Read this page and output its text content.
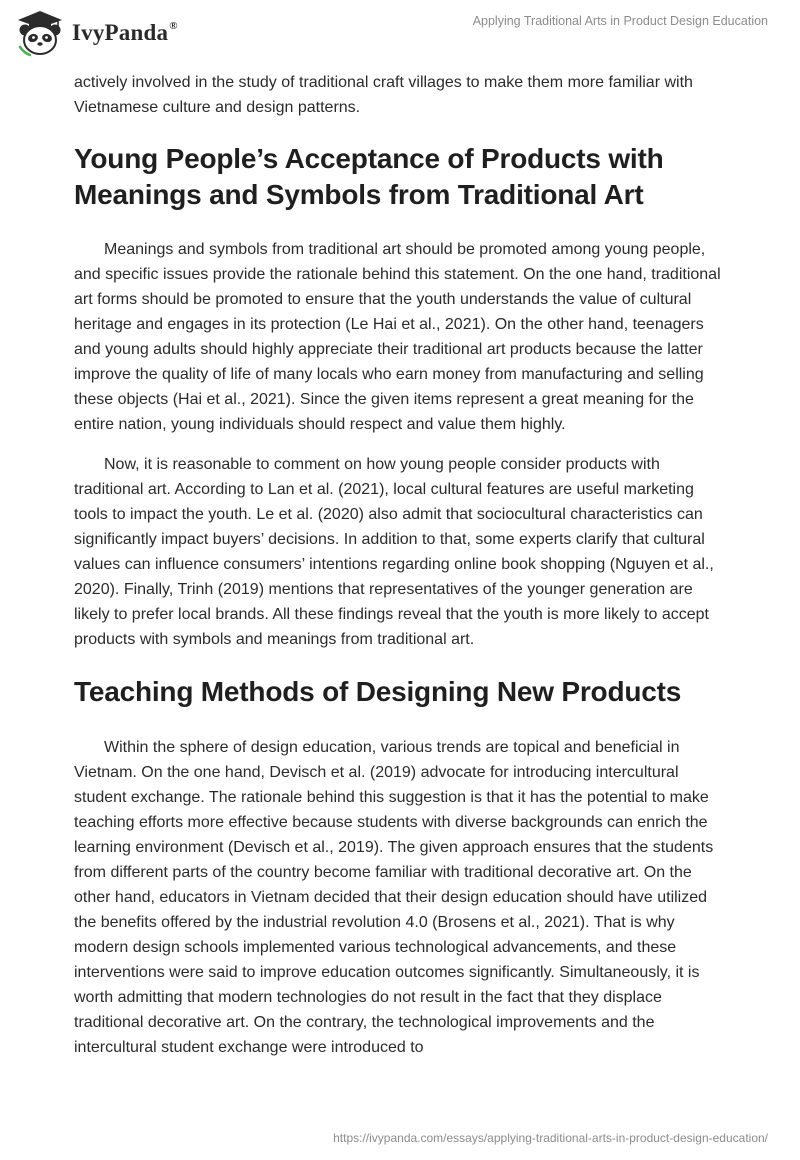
IvyPanda®	Applying Traditional Arts in Product Design Education

actively involved in the study of traditional craft villages to make them more familiar with Vietnamese culture and design patterns.

Young People’s Acceptance of Products with Meanings and Symbols from Traditional Art

Meanings and symbols from traditional art should be promoted among young people, and specific issues provide the rationale behind this statement. On the one hand, traditional art forms should be promoted to ensure that the youth understands the value of cultural heritage and engages in its protection (Le Hai et al., 2021). On the other hand, teenagers and young adults should highly appreciate their traditional art products because the latter improve the quality of life of many locals who earn money from manufacturing and selling these objects (Hai et al., 2021). Since the given items represent a great meaning for the entire nation, young individuals should respect and value them highly.

Now, it is reasonable to comment on how young people consider products with traditional art. According to Lan et al. (2021), local cultural features are useful marketing tools to impact the youth. Le et al. (2020) also admit that sociocultural characteristics can significantly impact buyers’ decisions. In addition to that, some experts clarify that cultural values can influence consumers’ intentions regarding online book shopping (Nguyen et al., 2020). Finally, Trinh (2019) mentions that representatives of the younger generation are likely to prefer local brands. All these findings reveal that the youth is more likely to accept products with symbols and meanings from traditional art.

Teaching Methods of Designing New Products

Within the sphere of design education, various trends are topical and beneficial in Vietnam. On the one hand, Devisch et al. (2019) advocate for introducing intercultural student exchange. The rationale behind this suggestion is that it has the potential to make teaching efforts more effective because students with diverse backgrounds can enrich the learning environment (Devisch et al., 2019). The given approach ensures that the students from different parts of the country become familiar with traditional decorative art. On the other hand, educators in Vietnam decided that their design education should have utilized the benefits offered by the industrial revolution 4.0 (Brosens et al., 2021). That is why modern design schools implemented various technological advancements, and these interventions were said to improve education outcomes significantly. Simultaneously, it is worth admitting that modern technologies do not result in the fact that they displace traditional decorative art. On the contrary, the technological improvements and the intercultural student exchange were introduced to

https://ivypanda.com/essays/applying-traditional-arts-in-product-design-education/
